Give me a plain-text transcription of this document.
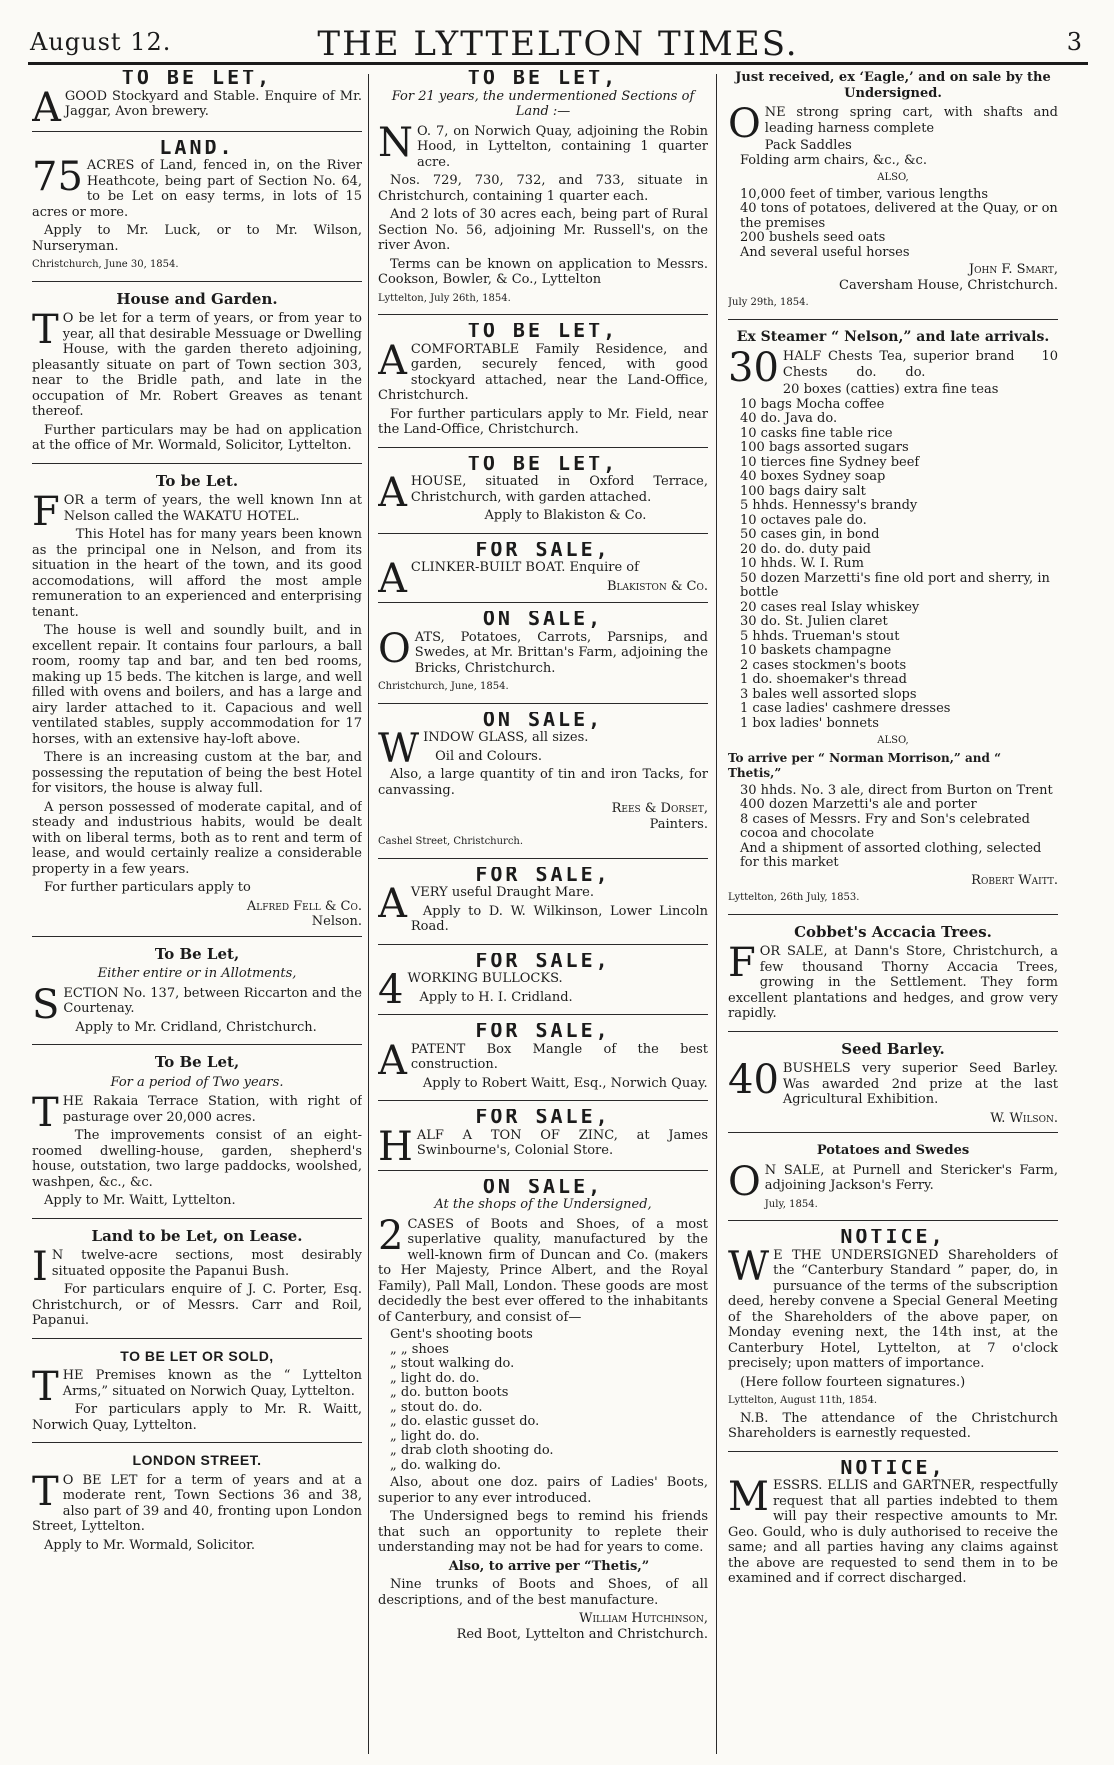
August 12.	THE LYTTELTON TIMES.	3
TO BE LET,

AGOOD Stockyard and Stable. Enquire of Mr. Jaggar, Avon brewery.

LAND.

75 ACRES of Land, fenced in, on the River Heathcote, being part of Section No. 64, to be Let on easy terms, in lots of 15 acres or more.

Apply to Mr. Luck, or to Mr. Wilson, Nurseryman.

Christchurch, June 30, 1854.

House and Garden.

T O be let for a term of years, or from year to year, all that desirable Messuage or Dwelling House, with the garden thereto adjoining, pleasantly situate on part of Town section 303, near to the Bridle path, and late in the occupation of Mr. Robert Greaves as tenant thereof.

Further particulars may be had on application at the office of Mr. Wormald, Solicitor, Lyttelton.

To be Let.

FOR a term of years, the well known Inn at Nelson called the WAKATU HOTEL.

This Hotel has for many years been known as the principal one in Nelson, and from its situation in the heart of the town, and its good accomodations, will afford the most ample remuneration to an experienced and enterprising tenant.

The house is well and soundly built, and in excellent repair. It contains four parlours, a ball room, roomy tap and bar, and ten bed rooms, making up 15 beds. The kitchen is large, and well filled with ovens and boilers, and has a large and airy larder attached to it. Capacious and well ventilated stables, supply accommodation for 17 horses, with an extensive hay-loft above.

There is an increasing custom at the bar, and possessing the reputation of being the best Hotel for visitors, the house is alway full.

A person possessed of moderate capital, and of steady and industrious habits, would be dealt with on liberal terms, both as to rent and term of lease, and would certainly realize a considerable property in a few years.

For further particulars apply to

Alfred Fell & Co.

Nelson.

To Be Let,
Either entire or in Allotments,

SECTION No. 137, between Riccarton and the Courtenay.

Apply to Mr. Cridland, Christchurch.

To Be Let,
For a period of Two years.

THE Rakaia Terrace Station, with right of pasturage over 20,000 acres.

The improvements consist of an eight-roomed dwelling-house, garden, shepherd's house, outstation, two large paddocks, woolshed, washpen, &c., &c.

Apply to Mr. Waitt, Lyttelton.

Land to be Let, on Lease.

I N twelve-acre sections, most desirably situated opposite the Papanui Bush.

For particulars enquire of J. C. Porter, Esq. Christchurch, or of Messrs. Carr and Roil, Papanui.

TO BE LET OR SOLD,

THE Premises known as the “ Lyttelton Arms,” situated on Norwich Quay, Lyttelton.

For particulars apply to Mr. R. Waitt, Norwich Quay, Lyttelton.

LONDON STREET.

T O BE LET for a term of years and at a moderate rent, Town Sections 36 and 38, also part of 39 and 40, fronting upon London Street, Lyttelton.

Apply to Mr. Wormald, Solicitor.

TO BE LET,
For 21 years, the undermentioned Sections of Land :—

N O. 7, on Norwich Quay, adjoining the Robin Hood, in Lyttelton, containing 1 quarter acre.

Nos. 729, 730, 732, and 733, situate in Christchurch, containing 1 quarter each.

And 2 lots of 30 acres each, being part of Rural Section No. 56, adjoining Mr. Russell's, on the river Avon.

Terms can be known on application to Messrs. Cookson, Bowler, & Co., Lyttelton

Lyttelton, July 26th, 1854.

TO BE LET,

ACOMFORTABLE Family Residence, and garden, securely fenced, with good stockyard attached, near the Land-Office, Christchurch.

For further particulars apply to Mr. Field, near the Land-Office, Christchurch.

TO BE LET,

AHOUSE, situated in Oxford Terrace, Christchurch, with garden attached.

Apply to Blakiston & Co.

FOR SALE,

ACLINKER-BUILT BOAT. Enquire of

Blakiston & Co.

ON SALE,

OATS, Potatoes, Carrots, Parsnips, and Swedes, at Mr. Brittan's Farm, adjoining the Bricks, Christchurch.

Christchurch, June, 1854.

ON SALE,

WINDOW GLASS, all sizes.

Oil and Colours.

Also, a large quantity of tin and iron Tacks, for canvassing.

Rees & Dorset,

Painters.

Cashel Street, Christchurch.

FOR SALE,

AVERY useful Draught Mare.

Apply to D. W. Wilkinson, Lower Lincoln Road.

FOR SALE,

4 WORKING BULLOCKS.

Apply to H. I. Cridland.

FOR SALE,

APATENT Box Mangle of the best construction.

Apply to Robert Waitt, Esq., Norwich Quay.

FOR SALE,

HALF A TON OF ZINC, at James Swinbourne's, Colonial Store.

ON SALE,
At the shops of the Undersigned,

2 CASES of Boots and Shoes, of a most superlative quality, manufactured by the well-known firm of Duncan and Co. (makers to Her Majesty, Prince Albert, and the Royal Family), Pall Mall, London. These goods are most decidedly the best ever offered to the inhabitants of Canterbury, and consist of—

Gent's shooting boots
„ „ shoes
„ stout walking do.
„ light do. do.
„ do. button boots
„ stout do. do.
„ do. elastic gusset do.
„ light do. do.
„ drab cloth shooting do.
„ do. walking do.

Also, about one doz. pairs of Ladies' Boots, superior to any ever introduced.

The Undersigned begs to remind his friends that such an opportunity to replete their understanding may not be had for years to come.

Also, to arrive per “Thetis,”

Nine trunks of Boots and Shoes, of all descriptions, and of the best manufacture.

William Hutchinson,

Red Boot, Lyttelton and Christchurch.

Just received, ex ‘Eagle,’ and on sale by the Undersigned.

ONE strong spring cart, with shafts and leading harness complete

Pack Saddles
Folding arm chairs, &c., &c.

ALSO,

10,000 feet of timber, various lengths
40 tons of potatoes, delivered at the Quay, or on the premises
200 bushels seed oats
And several useful horses

John F. Smart,

Caversham House, Christchurch.

July 29th, 1854.

Ex Steamer “ Nelson,” and late arrivals.

30 HALF Chests Tea, superior brand    10 Chests       do.       do.

20 boxes (catties) extra fine teas
10 bags Mocha coffee
40 do. Java do.
10 casks fine table rice
100 bags assorted sugars
10 tierces fine Sydney beef
40 boxes Sydney soap
100 bags dairy salt
5 hhds. Hennessy's brandy
10 octaves pale do.
50 cases gin, in bond
20 do. do. duty paid
10 hhds. W. I. Rum
50 dozen Marzetti's fine old port and sherry, in bottle
20 cases real Islay whiskey
30 do. St. Julien claret
5 hhds. Trueman's stout
10 baskets champagne
2 cases stockmen's boots
1 do. shoemaker's thread
3 bales well assorted slops
1 case ladies' cashmere dresses
1 box ladies' bonnets

ALSO,

To arrive per “ Norman Morrison,” and “ Thetis,”

30 hhds. No. 3 ale, direct from Burton on Trent
400 dozen Marzetti's ale and porter
8 cases of Messrs. Fry and Son's celebrated cocoa and chocolate
And a shipment of assorted clothing, selected for this market

Robert Waitt.

Lyttelton, 26th July, 1853.

Cobbet's Accacia Trees.

FOR SALE, at Dann's Store, Christchurch, a few thousand Thorny Accacia Trees, growing in the Settlement. They form excellent plantations and hedges, and grow very rapidly.

Seed Barley.

40 BUSHELS very superior Seed Barley. Was awarded 2nd prize at the last Agricultural Exhibition.

W. Wilson.

Potatoes and Swedes

O N SALE, at Purnell and Stericker's Farm, adjoining Jackson's Ferry.

July, 1854.

NOTICE,

W E THE UNDERSIGNED Shareholders of the “Canterbury Standard ” paper, do, in pursuance of the terms of the subscription deed, hereby convene a Special General Meeting of the Shareholders of the above paper, on Monday evening next, the 14th inst, at the Canterbury Hotel, Lyttelton, at 7 o'clock precisely; upon matters of importance.

(Here follow fourteen signatures.)

Lyttelton, August 11th, 1854.

N.B. The attendance of the Christchurch Shareholders is earnestly requested.

NOTICE,

MESSRS. ELLIS and GARTNER, respectfully request that all parties indebted to them will pay their respective amounts to Mr. Geo. Gould, who is duly authorised to receive the same; and all parties having any claims against the above are requested to send them in to be examined and if correct discharged.
